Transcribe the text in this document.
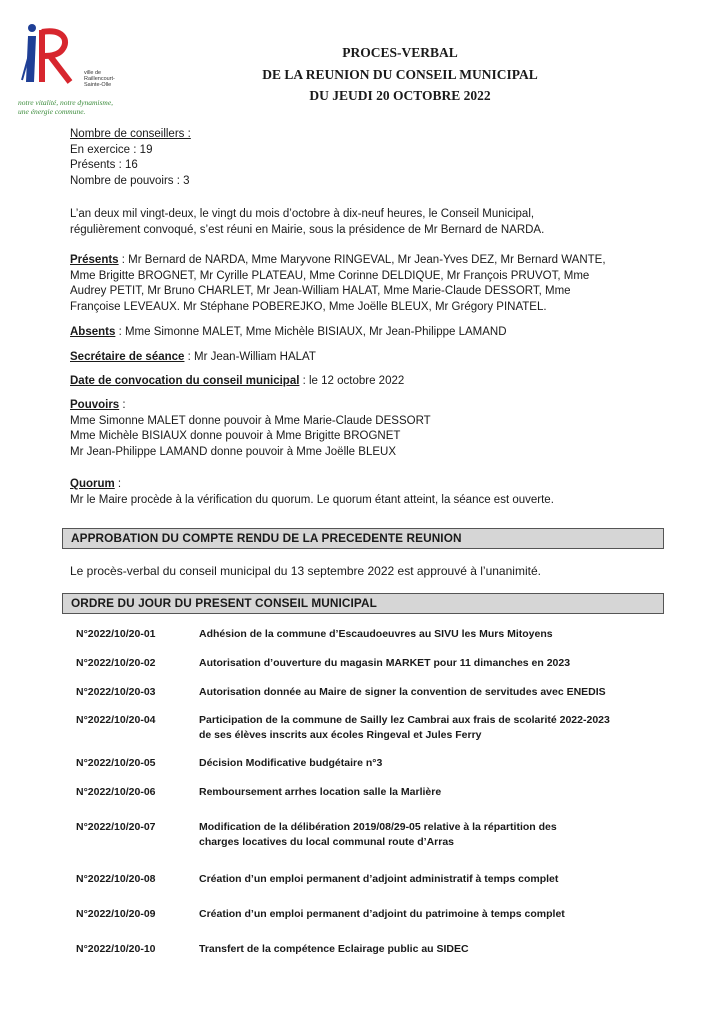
ville de
Raillencourt-Sainte-Olle
notre vitalité, notre dynamisme,
une énergie commune.
PROCES-VERBAL
DE LA REUNION DU CONSEIL MUNICIPAL
DU JEUDI 20 OCTOBRE 2022
Nombre de conseillers :
En exercice : 19
Présents : 16
Nombre de pouvoirs : 3
L’an deux mil vingt-deux, le vingt du mois d’octobre à dix-neuf heures, le Conseil Municipal,
régulièrement convoqué, s’est réuni en Mairie, sous la présidence de Mr Bernard de NARDA.
Présents : Mr Bernard de NARDA, Mme Maryvone RINGEVAL, Mr Jean-Yves DEZ, Mr Bernard WANTE,
Mme Brigitte BROGNET, Mr Cyrille PLATEAU, Mme Corinne DELDIQUE, Mr François PRUVOT, Mme
Audrey PETIT, Mr Bruno CHARLET, Mr Jean-William HALAT, Mme Marie-Claude DESSORT, Mme
Françoise LEVEAUX. Mr Stéphane POBEREJKO, Mme Joëlle BLEUX, Mr Grégory PINATEL.
Absents : Mme Simonne MALET, Mme Michèle BISIAUX, Mr Jean-Philippe LAMAND
Secrétaire de séance : Mr Jean-William HALAT
Date de convocation du conseil municipal : le 12 octobre 2022
Pouvoirs :
Mme Simonne MALET donne pouvoir à Mme Marie-Claude DESSORT
Mme Michèle BISIAUX donne pouvoir à Mme Brigitte BROGNET
Mr Jean-Philippe LAMAND donne pouvoir à Mme Joëlle BLEUX
Quorum :
Mr le Maire procède à la vérification du quorum. Le quorum étant atteint, la séance est ouverte.
APPROBATION DU COMPTE RENDU DE LA PRECEDENTE REUNION
Le procès-verbal du conseil municipal du 13 septembre 2022 est approuvé à l’unanimité.
ORDRE DU JOUR DU PRESENT CONSEIL MUNICIPAL
N°2022/10/20-01	Adhésion de la commune d’Escaudoeuvres au SIVU les Murs Mitoyens
N°2022/10/20-02	Autorisation d’ouverture du magasin MARKET pour 11 dimanches en 2023
N°2022/10/20-03	Autorisation donnée au Maire de signer la convention de servitudes avec ENEDIS
N°2022/10/20-04	Participation de la commune de Sailly lez Cambrai aux frais de scolarité 2022-2023
de ses élèves inscrits aux écoles Ringeval et Jules Ferry
N°2022/10/20-05	Décision Modificative budgétaire n°3
N°2022/10/20-06	Remboursement arrhes location salle la Marlière
N°2022/10/20-07	Modification de la délibération 2019/08/29-05 relative à la répartition des
charges locatives du local communal route d’Arras
N°2022/10/20-08	Création d’un emploi permanent d’adjoint administratif à temps complet
N°2022/10/20-09	Création d’un emploi permanent d’adjoint du patrimoine à temps complet
N°2022/10/20-10	Transfert de la compétence Eclairage public au SIDEC
